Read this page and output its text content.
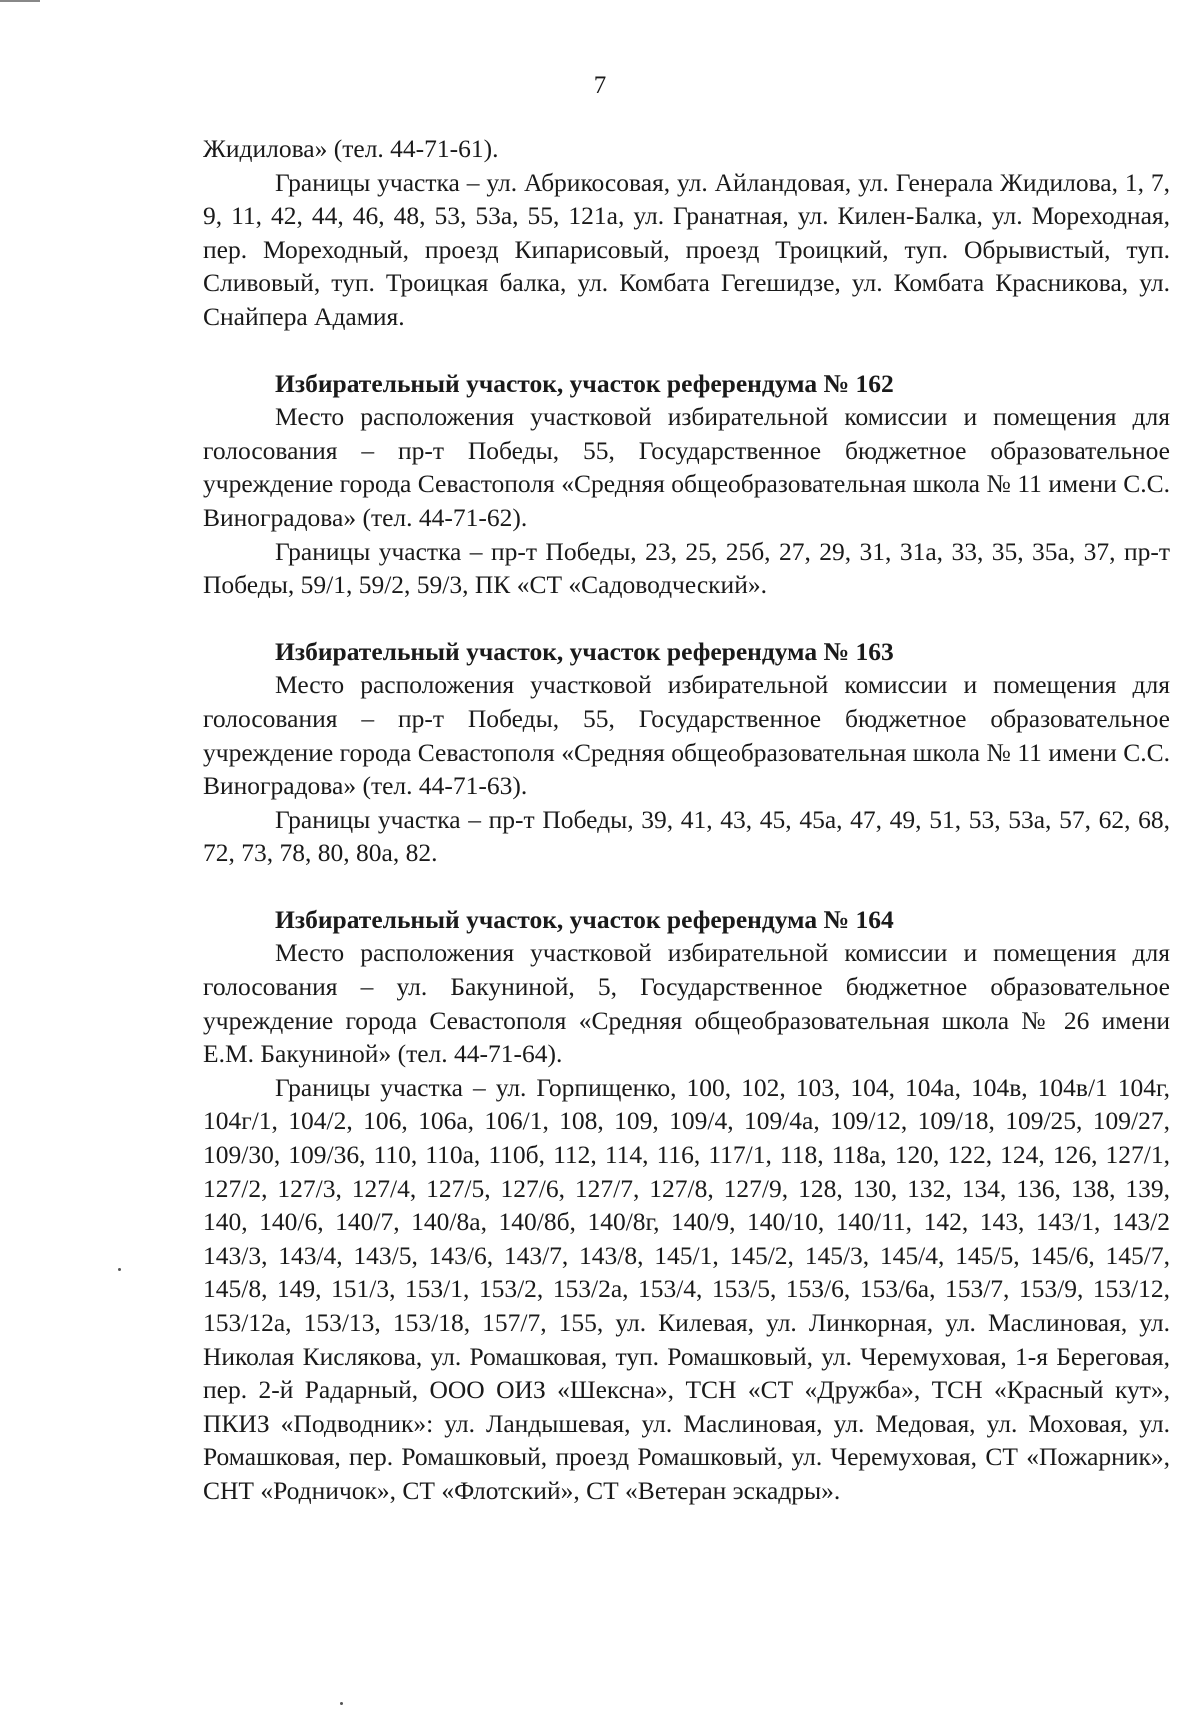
7

Жидилова» (тел. 44-71-61).

Границы участка – ул. Абрикосовая, ул. Айландовая, ул. Генерала Жидилова, 1, 7, 9, 11, 42, 44, 46, 48, 53, 53а, 55, 121а, ул. Гранатная, ул. Килен-Балка, ул. Мореходная, пер. Мореходный, проезд Кипарисовый, проезд Троицкий, туп. Обрывистый, туп. Сливовый, туп. Троицкая балка, ул. Комбата Гегешидзе, ул. Комбата Красникова, ул. Снайпера Адамия.

Избирательный участок, участок референдума № 162

Место расположения участковой избирательной комиссии и помещения для голосования – пр-т Победы, 55, Государственное бюджетное образовательное учреждение города Севастополя «Средняя общеобразовательная школа № 11 имени С.С. Виноградова» (тел. 44-71-62).

Границы участка – пр-т Победы, 23, 25, 25б, 27, 29, 31, 31а, 33, 35, 35а, 37, пр-т Победы, 59/1, 59/2, 59/3, ПК «СТ «Садоводческий».

Избирательный участок, участок референдума № 163

Место расположения участковой избирательной комиссии и помещения для голосования – пр-т Победы, 55, Государственное бюджетное образовательное учреждение города Севастополя «Средняя общеобразовательная школа № 11 имени С.С. Виноградова» (тел. 44-71-63).

Границы участка – пр-т Победы, 39, 41, 43, 45, 45а, 47, 49, 51, 53, 53а, 57, 62, 68, 72, 73, 78, 80, 80а, 82.

Избирательный участок, участок референдума № 164

Место расположения участковой избирательной комиссии и помещения для голосования – ул. Бакуниной, 5, Государственное бюджетное образовательное учреждение города Севастополя «Средняя общеобразовательная школа № 26 имени Е.М. Бакуниной» (тел. 44-71-64).

Границы участка – ул. Горпищенко, 100, 102, 103, 104, 104а, 104в, 104в/1 104г, 104г/1, 104/2, 106, 106а, 106/1, 108, 109, 109/4, 109/4а, 109/12, 109/18, 109/25, 109/27, 109/30, 109/36, 110, 110а, 110б, 112, 114, 116, 117/1, 118, 118а, 120, 122, 124, 126, 127/1, 127/2, 127/3, 127/4, 127/5, 127/6, 127/7, 127/8, 127/9, 128, 130, 132, 134, 136, 138, 139, 140, 140/6, 140/7, 140/8а, 140/8б, 140/8г, 140/9, 140/10, 140/11, 142, 143, 143/1, 143/2 143/3, 143/4, 143/5, 143/6, 143/7, 143/8, 145/1, 145/2, 145/3, 145/4, 145/5, 145/6, 145/7, 145/8, 149, 151/3, 153/1, 153/2, 153/2а, 153/4, 153/5, 153/6, 153/6а, 153/7, 153/9, 153/12, 153/12а, 153/13, 153/18, 157/7, 155, ул. Килевая, ул. Линкорная, ул. Маслиновая, ул. Николая Кислякова, ул. Ромашковая, туп. Ромашковый, ул. Черемуховая, 1-я Береговая, пер. 2-й Радарный, ООО ОИЗ «Шексна», ТСН «СТ «Дружба», ТСН «Красный кут», ПКИЗ «Подводник»: ул. Ландышевая, ул. Маслиновая, ул. Медовая, ул. Моховая, ул. Ромашковая, пер. Ромашковый, проезд Ромашковый, ул. Черемуховая, СТ «Пожарник», СНТ «Родничок», СТ «Флотский», СТ «Ветеран эскадры».
